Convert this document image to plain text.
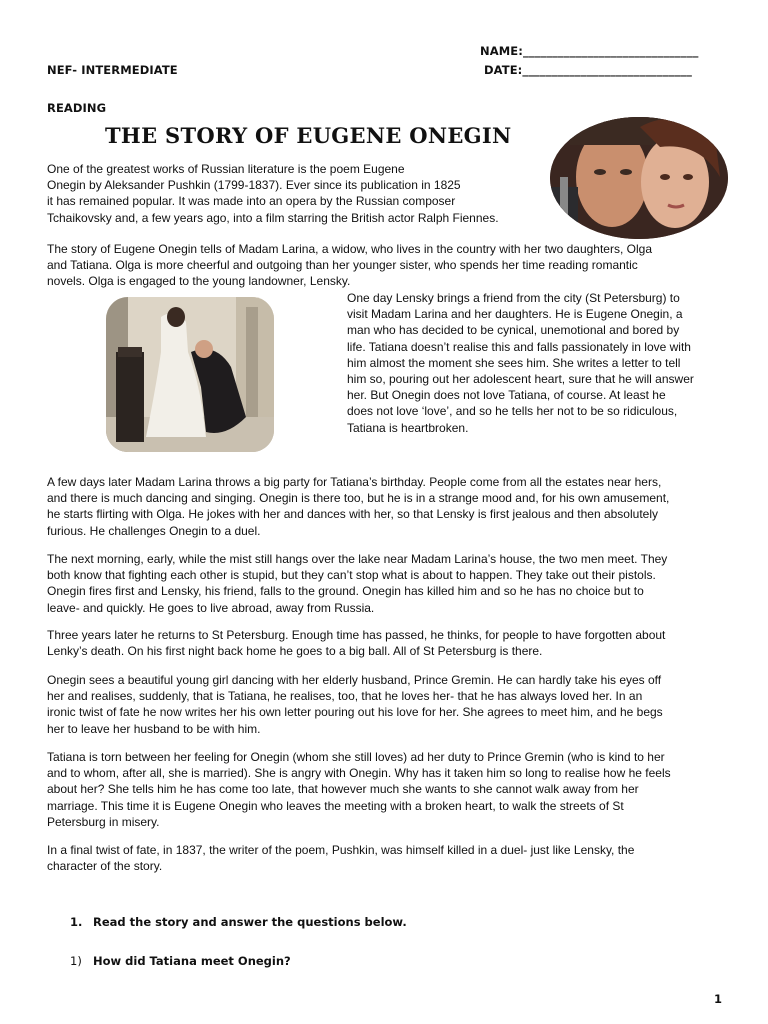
NAME:______________________________
NEF- INTERMEDIATE	DATE:_____________________________
READING
THE STORY OF EUGENE ONEGIN
One of the greatest works of Russian literature is the poem Eugene
Onegin by Aleksander Pushkin (1799-1837). Ever since its publication in 1825
it has remained popular. It was made into an opera by the Russian composer
Tchaikovsky and, a few years ago, into a film starring the British actor Ralph Fiennes.
The story of Eugene Onegin tells of Madam Larina, a widow, who lives in the country with her two daughters, Olga
and Tatiana. Olga is more cheerful and outgoing than her younger sister, who spends her time reading romantic
novels. Olga is engaged to the young landowner, Lensky.
One day Lensky brings a friend from the city (St Petersburg) to
visit Madam Larina and her daughters. He is Eugene Onegin, a
man who has decided to be cynical, unemotional and bored by
life. Tatiana doesn’t realise this and falls passionately in love with
him almost the moment she sees him. She writes a letter to tell
him so, pouring out her adolescent heart, sure that he will answer
her. But Onegin does not love Tatiana, of course. At least he
does not love ‘love’, and so he tells her not to be so ridiculous,
Tatiana is heartbroken.
A few days later Madam Larina throws a big party for Tatiana’s birthday. People come from all the estates near hers,
and there is much dancing and singing. Onegin is there too, but he is in a strange mood and, for his own amusement,
he starts flirting with Olga. He jokes with her and dances with her, so that Lensky is first jealous and then absolutely
furious. He challenges Onegin to a duel.
The next morning, early, while the mist still hangs over the lake near Madam Larina’s house, the two men meet. They
both know that fighting each other is stupid, but they can’t stop what is about to happen. They take out their pistols.
Onegin fires first and Lensky, his friend, falls to the ground. Onegin has killed him and so he has no choice but to
leave- and quickly. He goes to live abroad, away from Russia.
Three years later he returns to St Petersburg. Enough time has passed, he thinks, for people to have forgotten about
Lenky’s death. On his first night back home he goes to a big ball. All of St Petersburg is there.
Onegin sees a beautiful young girl dancing with her elderly husband, Prince Gremin. He can hardly take his eyes off
her and realises, suddenly, that is Tatiana, he realises, too, that he loves her- that he has always loved her. In an
ironic twist of fate he now writes her his own letter pouring out his love for her. She agrees to meet him, and he begs
her to leave her husband to be with him.
Tatiana is torn between her feeling for Onegin (whom she still loves) ad her duty to Prince Gremin (who is kind to her
and to whom, after all, she is married). She is angry with Onegin. Why has it taken him so long to realise how he feels
about her? She tells him he has come too late, that however much she wants to she cannot walk away from her
marriage. This time it is Eugene Onegin who leaves the meeting with a broken heart, to walk the streets of St
Petersburg in misery.
In a final twist of fate, in 1837, the writer of the poem, Pushkin, was himself killed in a duel- just like Lensky, the
character of the story.
1. Read the story and answer the questions below.
1) How did Tatiana meet Onegin?
1
